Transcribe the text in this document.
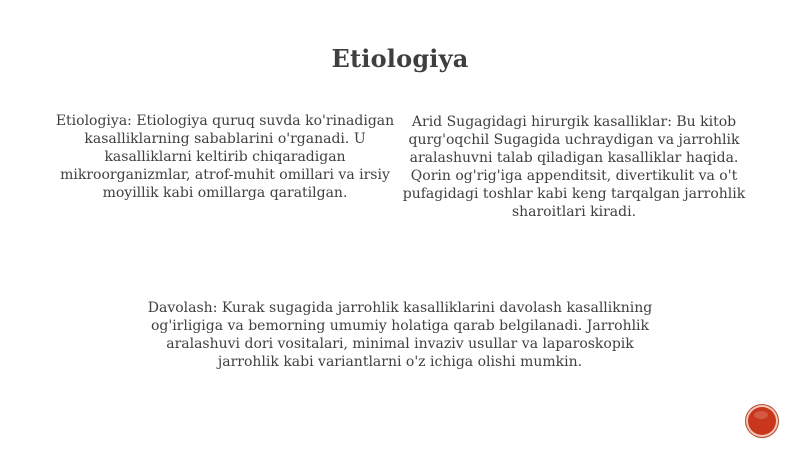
Etiologiya

Etiologiya: Etiologiya quruq suvda ko'rinadigan kasalliklarning sabablarini o'rganadi. U kasalliklarni keltirib chiqaradigan mikroorganizmlar, atrof-muhit omillari va irsiy moyillik kabi omillarga qaratilgan.

Arid Sugagidagi hirurgik kasalliklar: Bu kitob qurg'oqchil Sugagida uchraydigan va jarrohlik aralashuvni talab qiladigan kasalliklar haqida. Qorin og'rig'iga appenditsit, divertikulit va o't pufagidagi toshlar kabi keng tarqalgan jarrohlik sharoitlari kiradi.

Davolash: Kurak sugagida jarrohlik kasalliklarini davolash kasallikning og'irligiga va bemorning umumiy holatiga qarab belgilanadi. Jarrohlik aralashuvi dori vositalari, minimal invaziv usullar va laparoskopik jarrohlik kabi variantlarni o'z ichiga olishi mumkin.
